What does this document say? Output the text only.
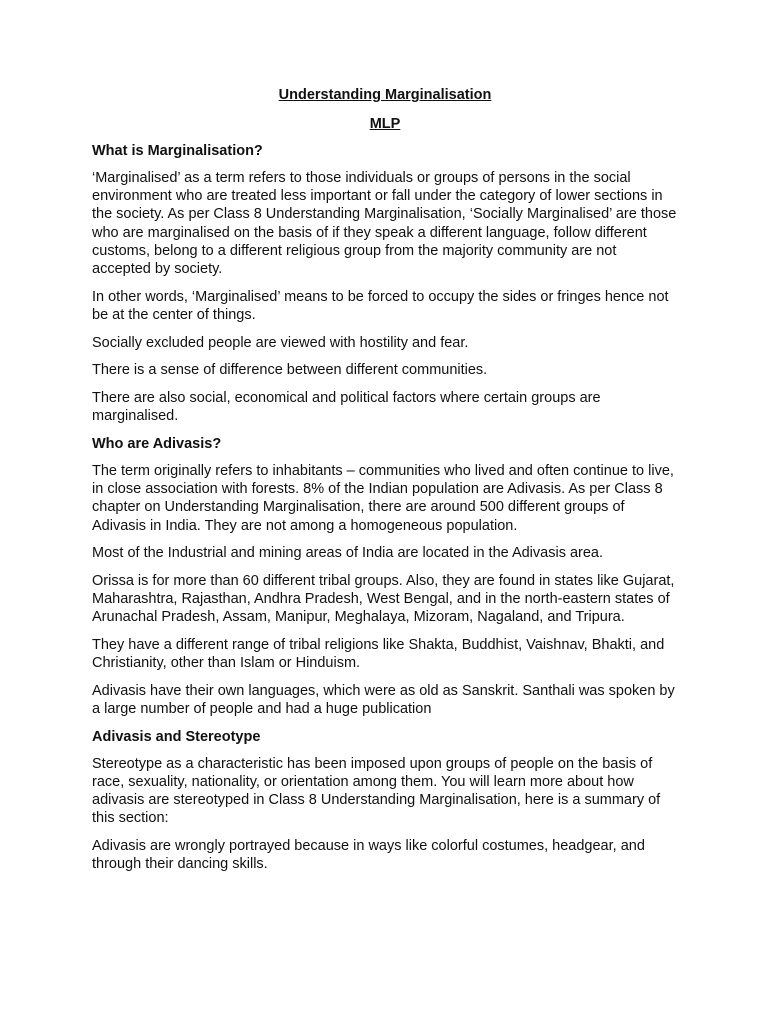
Understanding Marginalisation
MLP
What is Marginalisation?

‘Marginalised’ as a term refers to those individuals or groups of persons in the social environment who are treated less important or fall under the category of lower sections in the society. As per Class 8 Understanding Marginalisation, ‘Socially Marginalised’ are those who are marginalised on the basis of if they speak a different language, follow different customs, belong to a different religious group from the majority community are not accepted by society.

In other words, ‘Marginalised’ means to be forced to occupy the sides or fringes hence not be at the center of things.

Socially excluded people are viewed with hostility and fear.

There is a sense of difference between different communities.

There are also social, economical and political factors where certain groups are marginalised.

Who are Adivasis?

The term originally refers to inhabitants – communities who lived and often continue to live, in close association with forests. 8% of the Indian population are Adivasis. As per Class 8 chapter on Understanding Marginalisation, there are around 500 different groups of Adivasis in India. They are not among a homogeneous population.

Most of the Industrial and mining areas of India are located in the Adivasis area.

Orissa is for more than 60 different tribal groups. Also, they are found in states like Gujarat, Maharashtra, Rajasthan, Andhra Pradesh, West Bengal, and in the north-eastern states of Arunachal Pradesh, Assam, Manipur, Meghalaya, Mizoram, Nagaland, and Tripura.

They have a different range of tribal religions like Shakta, Buddhist, Vaishnav, Bhakti, and Christianity, other than Islam or Hinduism.

Adivasis have their own languages, which were as old as Sanskrit. Santhali was spoken by a large number of people and had a huge publication

Adivasis and Stereotype

Stereotype as a characteristic has been imposed upon groups of people on the basis of race, sexuality, nationality, or orientation among them. You will learn more about how adivasis are stereotyped in Class 8 Understanding Marginalisation, here is a summary of this section:

Adivasis are wrongly portrayed because in ways like colorful costumes, headgear, and through their dancing skills.
